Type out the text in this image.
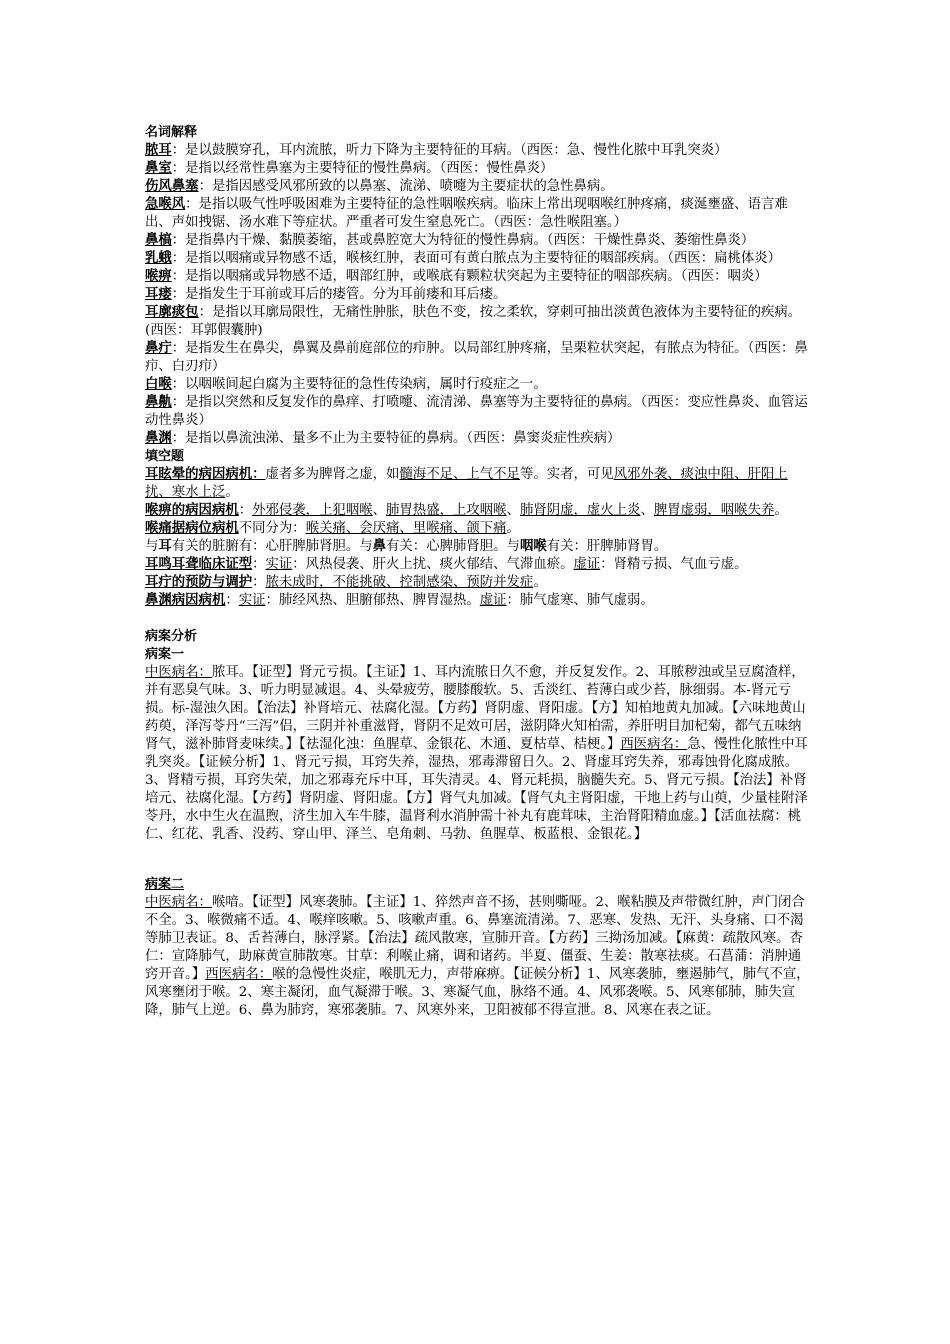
名词解释

脓耳：是以鼓膜穿孔，耳内流脓，听力下降为主要特征的耳病。（西医：急、慢性化脓中耳乳突炎）

鼻室：是指以经常性鼻塞为主要特征的慢性鼻病。（西医：慢性鼻炎）

伤风鼻塞：是指因感受风邪所致的以鼻塞、流涕、喷嚏为主要症状的急性鼻病。

急喉风：是指以吸气性呼吸困难为主要特征的急性咽喉疾病。临床上常出现咽喉红肿疼痛，痰涎壅盛、语言难出、声如拽锯、汤水难下等症状。严重者可发生窒息死亡。（西医：急性喉阻塞。）

鼻槁：是指鼻内干燥、黏膜萎缩，甚或鼻腔宽大为特征的慢性鼻病。（西医：干燥性鼻炎、萎缩性鼻炎）

乳蛾：是指以咽痛或异物感不适，喉核红肿，表面可有黄白脓点为主要特征的咽部疾病。（西医：扁桃体炎）

喉痹：是指以咽痛或异物感不适，咽部红肿，或喉底有颗粒状突起为主要特征的咽部疾病。（西医：咽炎）

耳瘘：是指发生于耳前或耳后的瘘管。分为耳前瘘和耳后瘘。

耳廓痰包：是指以耳廓局限性，无痛性肿胀，肤色不变，按之柔软，穿刺可抽出淡黄色液体为主要特征的疾病。(西医：耳郭假囊肿)

鼻疔：是指发生在鼻尖，鼻翼及鼻前庭部位的疖肿。以局部红肿疼痛，呈栗粒状突起，有脓点为特征。（西医：鼻疖、白刃疖）

白喉：以咽喉间起白腐为主要特征的急性传染病，属时行疫症之一。

鼻鼽：是指以突然和反复发作的鼻痒、打喷嚏、流清涕、鼻塞等为主要特征的鼻病。（西医：变应性鼻炎、血管运动性鼻炎）

鼻渊：是指以鼻流浊涕、量多不止为主要特征的鼻病。（西医：鼻窦炎症性疾病）

填空题

耳眩晕的病因病机：虚者多为脾肾之虚，如髓海不足、上气不足等。实者，可见风邪外袭、痰浊中阻、肝阳上扰、寒水上泛。

喉痹的病因病机：外邪侵袭，上犯咽喉、肺胃热盛，上攻咽喉、肺肾阴虚，虚火上炎、脾胃虚弱，咽喉失养。

喉痛据病位病机不同分为：喉关痛、会厌痛、里喉痛、颌下痛。

与耳有关的脏腑有：心肝脾肺肾胆。与鼻有关：心脾肺肾胆。与咽喉有关：肝脾肺肾胃。

耳鸣耳聋临床证型：实证：风热侵袭、肝火上扰、痰火郁结、气滞血瘀。虚证：肾精亏损、气血亏虚。

耳疔的预防与调护：脓未成时，不能挑破、控制感染、预防并发症。

鼻渊病因病机：实证：肺经风热、胆腑郁热、脾胃湿热。虚证：肺气虚寒、肺气虚弱。

病案分析

病案一

中医病名：脓耳。【证型】肾元亏损。【主证】1、耳内流脓日久不愈，并反复发作。2、耳脓秽浊或呈豆腐渣样，并有恶臭气味。3、听力明显减退。4、头晕疲劳，腰膝酸软。5、舌淡红、苔薄白或少苔，脉细弱。本-肾元亏损。标-湿浊久困。【治法】补肾培元、祛腐化湿。【方药】肾阴虚、肾阳虚。【方】知柏地黄丸加减。【六味地黄山药萸，泽泻苓丹“三泻”侣，三阴并补重滋肾，肾阴不足效可居，滋阴降火知柏需，养肝明目加杞菊，都气五味纳肾气，滋补肺肾麦味续。】【祛湿化浊：鱼腥草、金银花、木通、夏枯草、桔梗。】西医病名：急、慢性化脓性中耳乳突炎。【证候分析】1、肾元亏损，耳窍失养，湿热，邪毒滞留日久。2、肾虚耳窍失养，邪毒蚀骨化腐成脓。3、肾精亏损，耳窍失荣，加之邪毒充斥中耳，耳失清灵。4、肾元耗损，脑髓失充。5、肾元亏损。【治法】补肾培元、祛腐化湿。【方药】肾阴虚、肾阳虚。【方】肾气丸加减。【肾气丸主肾阳虚，干地上药与山萸，少量桂附泽苓丹，水中生火在温煦，济生加入车牛膝，温肾利水消肿需十补丸有鹿茸味，主治肾阳精血虚。】【活血祛腐：桃仁、红花、乳香、没药、穿山甲、泽兰、皂角刺、马勃、鱼腥草、板蓝根、金银花。】

病案二

中医病名：喉喑。【证型】风寒袭肺。【主证】1、猝然声音不扬，甚则嘶哑。2、喉粘膜及声带微红肿，声门闭合不全。3、喉微痛不适。4、喉痒咳嗽。5、咳嗽声重。6、鼻塞流清涕。7、恶寒、发热、无汗、头身痛、口不渴等肺卫表证。8、舌苔薄白，脉浮紧。【治法】疏风散寒，宣肺开音。【方药】三拗汤加减。【麻黄：疏散风寒。杏仁：宣降肺气，助麻黄宣肺散寒。甘草：利喉止痛，调和诸药。半夏、僵蚕、生姜：散寒祛痰。石菖蒲：消肿通窍开音。】西医病名：喉的急慢性炎症，喉肌无力，声带麻痹。【证候分析】1、风寒袭肺，壅遏肺气，肺气不宣，风寒壅闭于喉。2、寒主凝闭，血气凝滞于喉。3、寒凝气血，脉络不通。4、风邪袭喉。5、风寒郁肺，肺失宣降，肺气上逆。6、鼻为肺窍，寒邪袭肺。7、风寒外来，卫阳被郁不得宣泄。8、风寒在表之证。
